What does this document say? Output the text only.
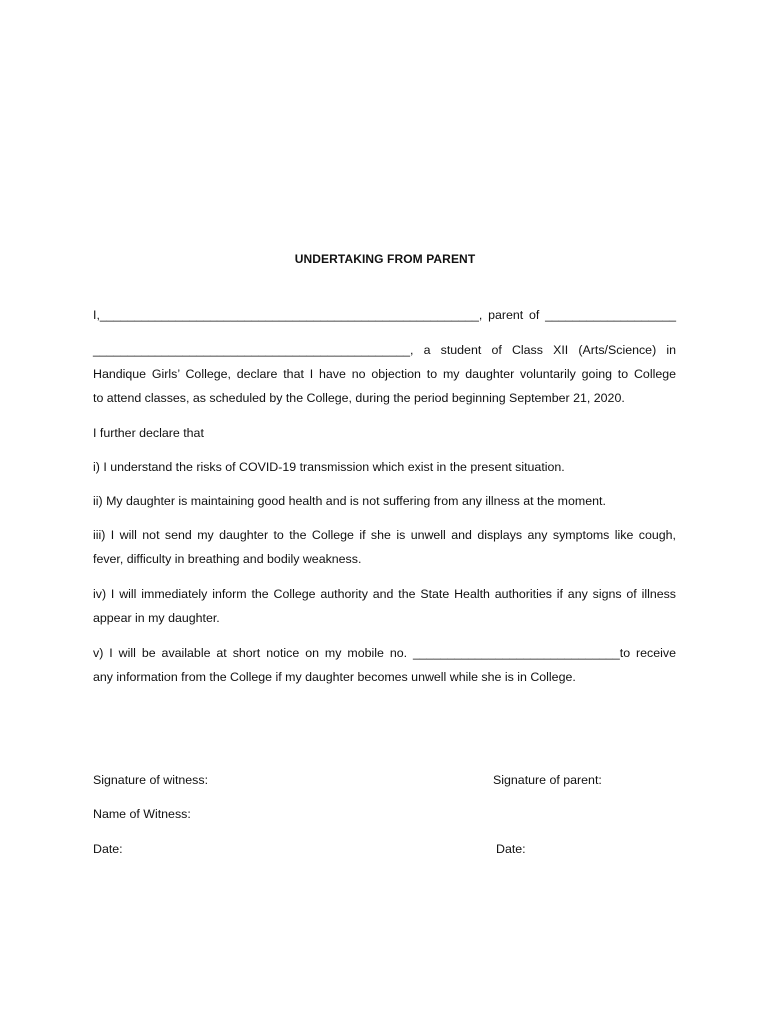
UNDERTAKING FROM PARENT
I,_______________________________________________________, parent of ___________________
______________________________________________, a student of Class XII (Arts/Science) in
Handique Girls’ College, declare that I have no objection to my daughter voluntarily going to College
to attend classes, as scheduled by the College, during the period beginning September 21, 2020.
I further declare that
i) I understand the risks of COVID-19 transmission which exist in the present situation.
ii) My daughter is maintaining good health and is not suffering from any illness at the moment.
iii) I will not send my daughter to the College if she is unwell and displays any symptoms like cough,
fever, difficulty in breathing and bodily weakness.
iv) I will immediately inform the College authority and the State Health authorities if any signs of illness
appear in my daughter.
v) I will be available at short notice on my mobile no. ______________________________to receive
any information from the College if my daughter becomes unwell while she is in College.
Signature of witness:
Name of Witness:
Date:
Signature of parent:
Date:
